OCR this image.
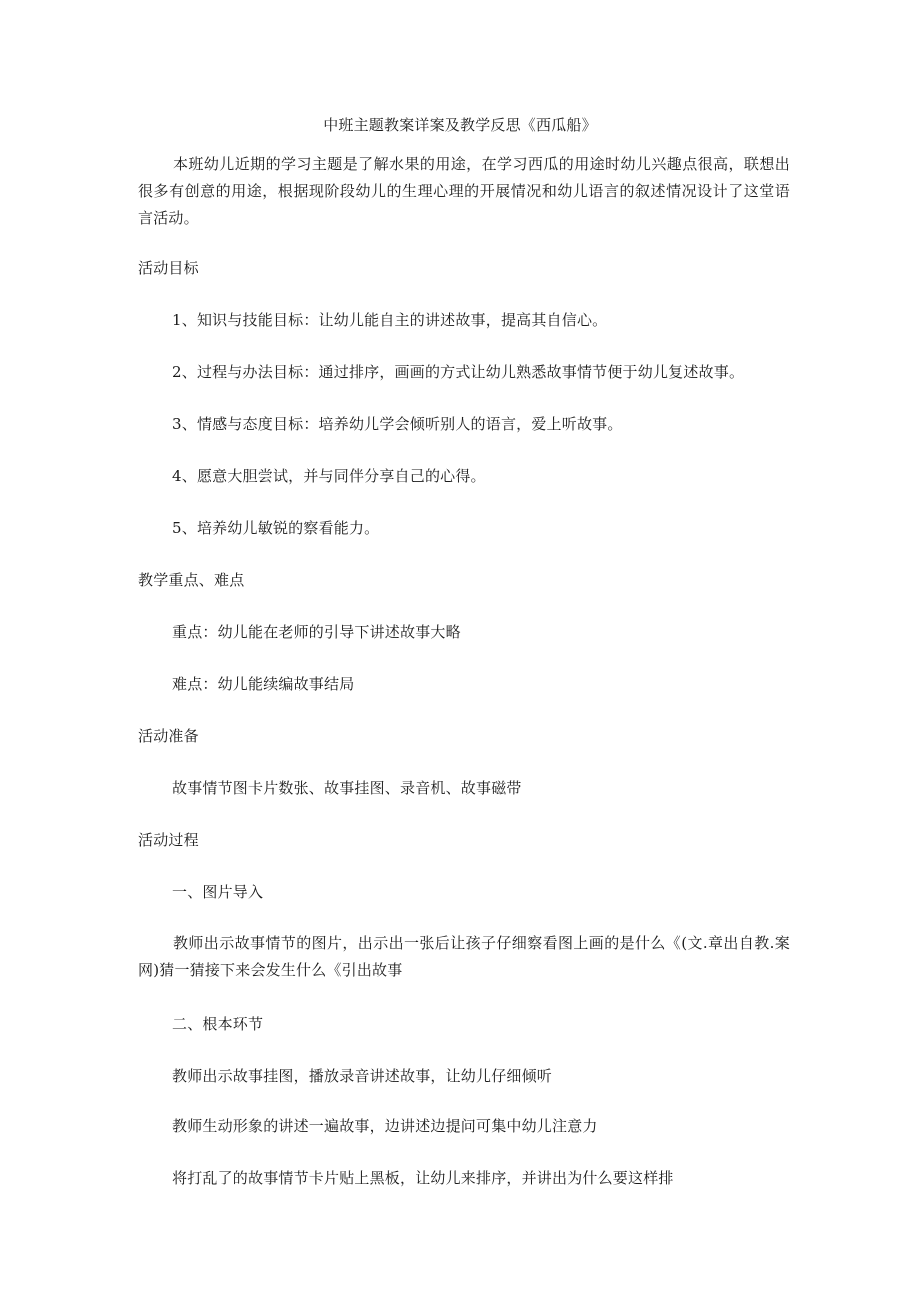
中班主题教案详案及教学反思《西瓜船》
本班幼儿近期的学习主题是了解水果的用途，在学习西瓜的用途时幼儿兴趣点很高，联想出很多有创意的用途，根据现阶段幼儿的生理心理的开展情况和幼儿语言的叙述情况设计了这堂语言活动。
活动目标
1、知识与技能目标：让幼儿能自主的讲述故事，提高其自信心。
2、过程与办法目标：通过排序，画画的方式让幼儿熟悉故事情节便于幼儿复述故事。
3、情感与态度目标：培养幼儿学会倾听别人的语言，爱上听故事。
4、愿意大胆尝试，并与同伴分享自己的心得。
5、培养幼儿敏锐的察看能力。
教学重点、难点
重点：幼儿能在老师的引导下讲述故事大略
难点：幼儿能续编故事结局
活动准备
故事情节图卡片数张、故事挂图、录音机、故事磁带
活动过程
一、图片导入
教师出示故事情节的图片，出示出一张后让孩子仔细察看图上画的是什么《(文.章出自教.案网)猜一猜接下来会发生什么《引出故事
二、根本环节
教师出示故事挂图，播放录音讲述故事，让幼儿仔细倾听
教师生动形象的讲述一遍故事，边讲述边提问可集中幼儿注意力
将打乱了的故事情节卡片贴上黑板，让幼儿来排序，并讲出为什么要这样排
